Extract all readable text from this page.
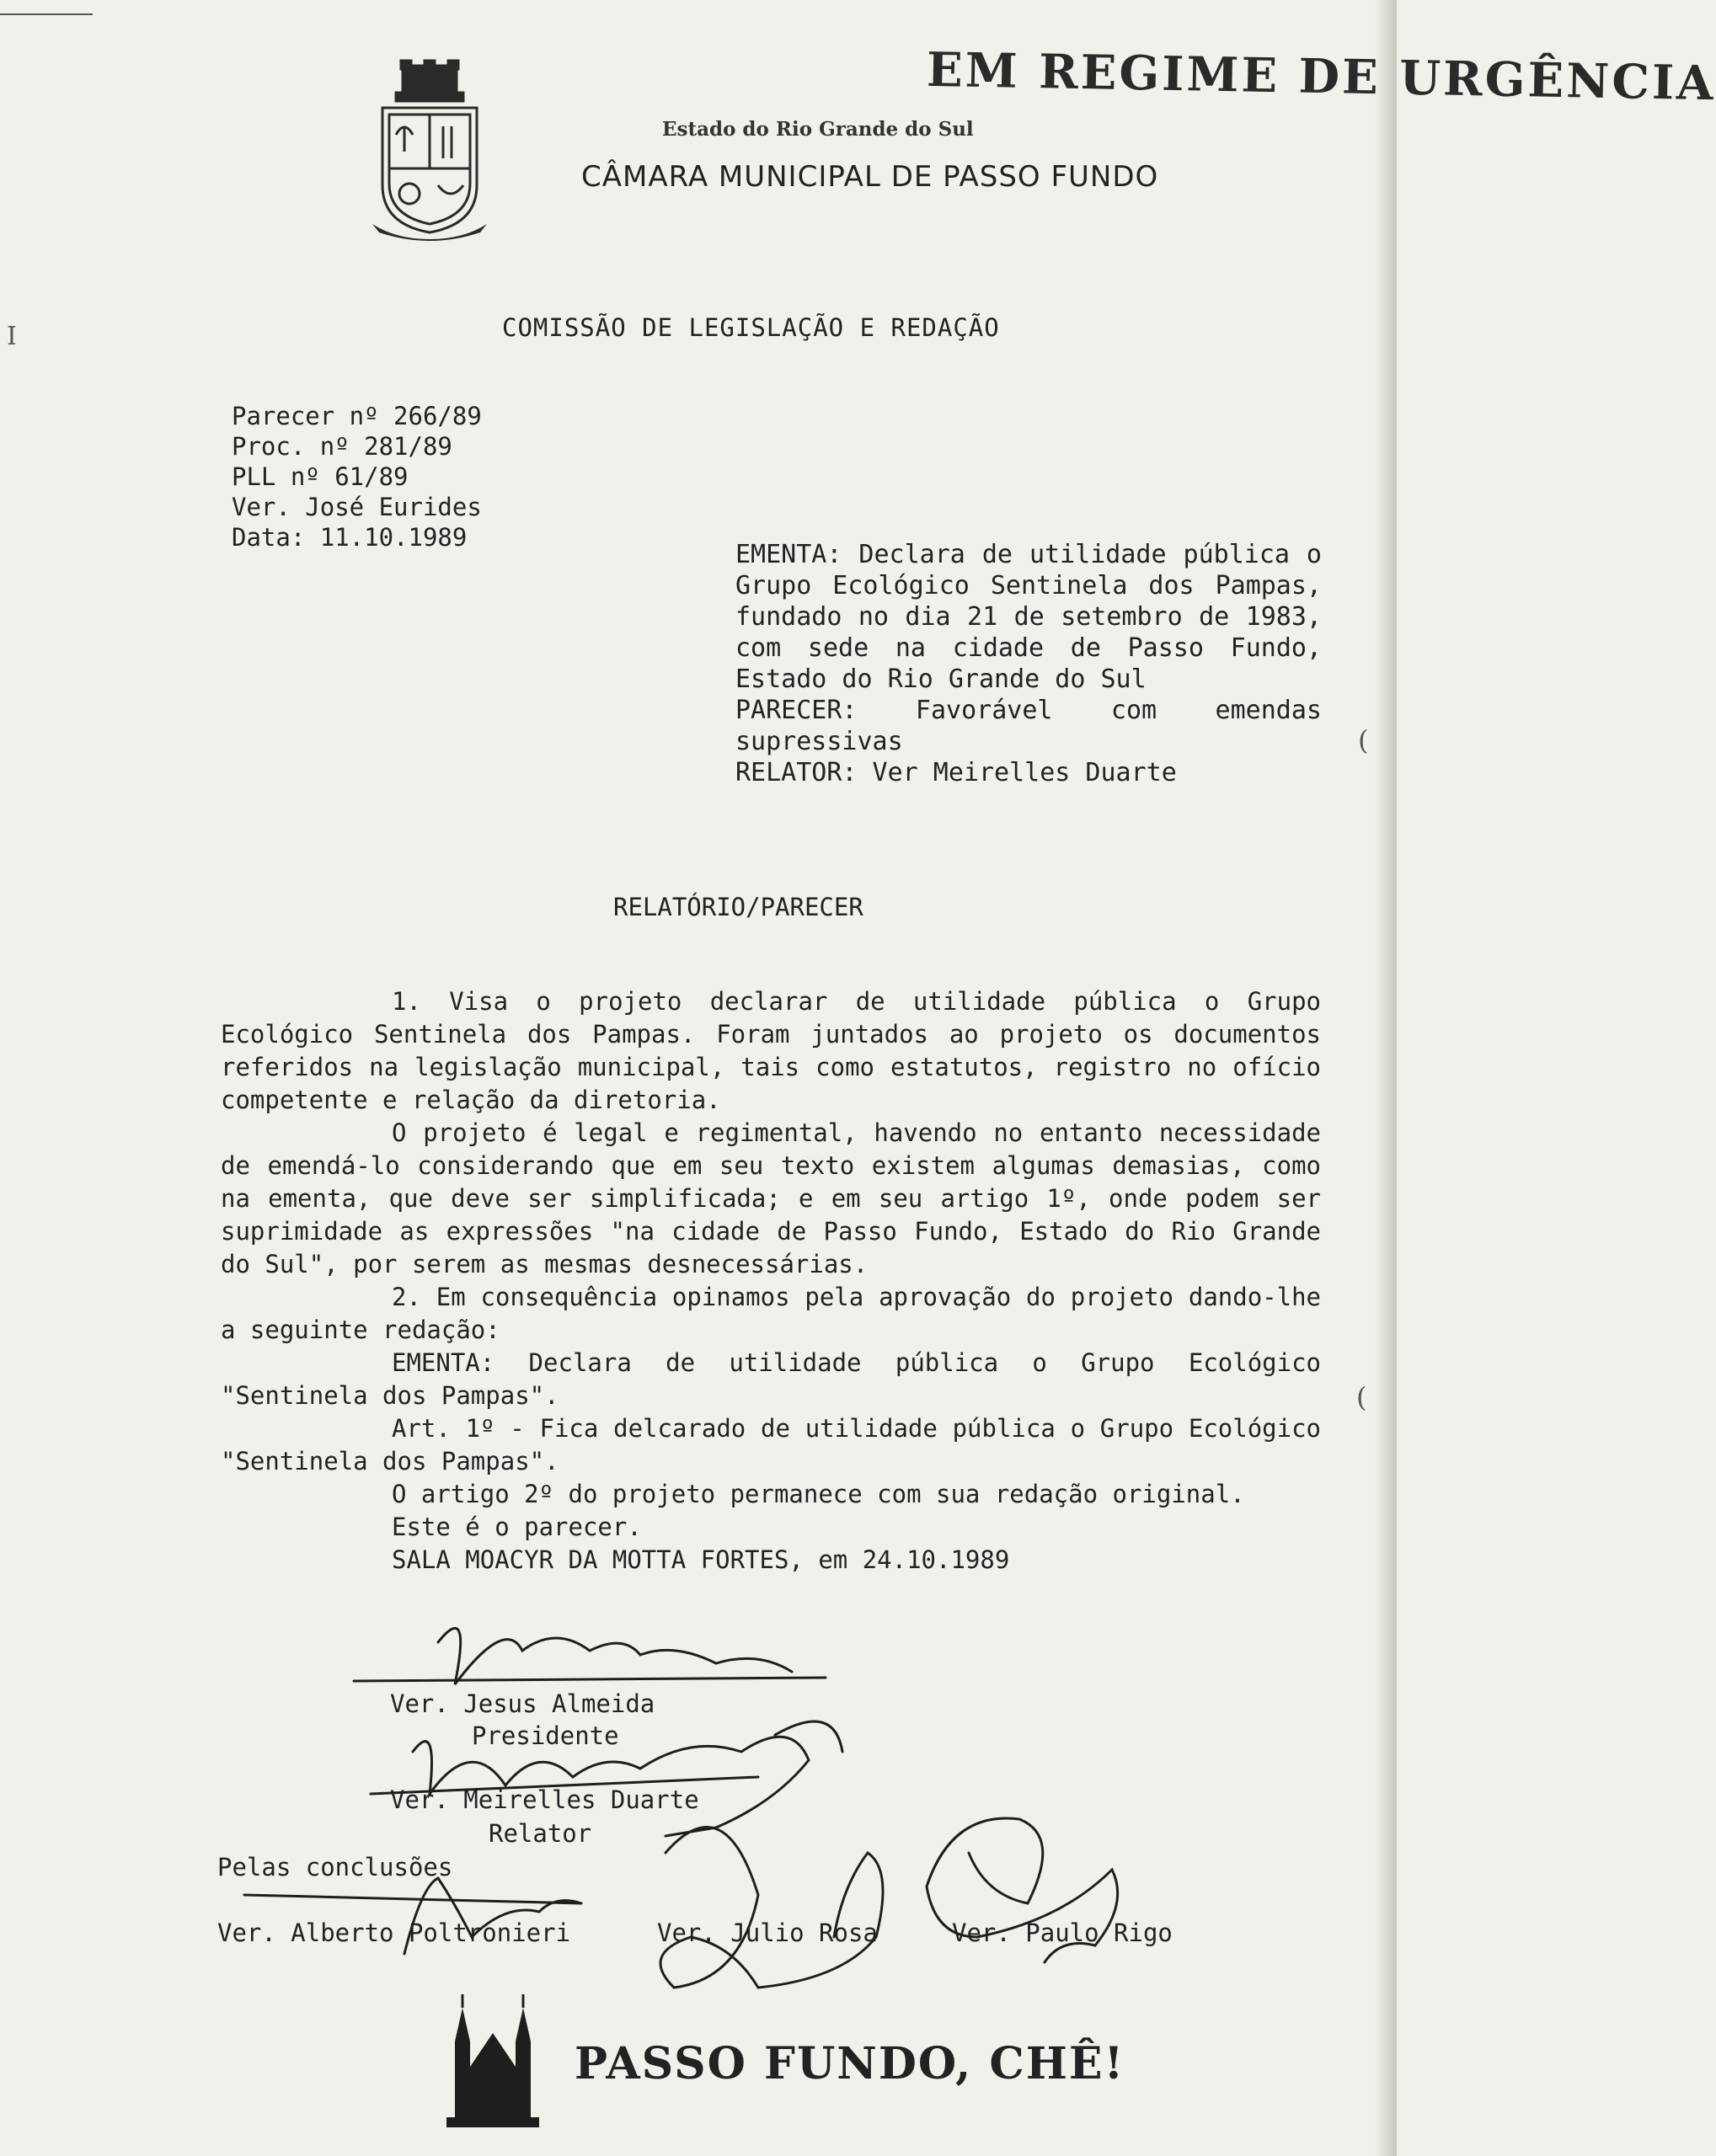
I
(
(
EM REGIME DE URGÊNCIA
Estado do Rio Grande do Sul
CÂMARA MUNICIPAL DE PASSO FUNDO
COMISSÃO DE LEGISLAÇÃO E REDAÇÃO
Parecer nº 266/89
Proc. nº 281/89
PLL nº 61/89
Ver. José Eurides
Data: 11.10.1989

EMENTA: Declara de utilidade pública o Grupo Ecológico Sentinela dos Pampas, fundado no dia 21 de setembro de 1983, com sede na cidade de Passo Fundo, Estado do Rio Grande do Sul

PARECER: Favorável com emendas supressivas

RELATOR: Ver Meirelles Duarte

RELATÓRIO/PARECER

1. Visa o projeto declarar de utilidade pública o Grupo Ecológico Sentinela dos Pampas. Foram juntados ao projeto os documentos referidos na legislação municipal, tais como estatutos, registro no ofício competente e relação da diretoria.

O projeto é legal e regimental, havendo no entanto necessidade de emendá-lo considerando que em seu texto existem algumas demasias, como na ementa, que deve ser simplificada; e em seu artigo 1º, onde podem ser suprimidade as expressões "na cidade de Passo Fundo, Estado do Rio Grande do Sul", por serem as mesmas desnecessárias.

2. Em consequência opinamos pela aprovação do projeto dando-lhe a seguinte redação:

EMENTA: Declara de utilidade pública o Grupo Ecológico "Sentinela dos Pampas".

Art. 1º - Fica delcarado de utilidade pública o Grupo Ecológico "Sentinela dos Pampas".

O artigo 2º do projeto permanece com sua redação original.

Este é o parecer.

SALA MOACYR DA MOTTA FORTES, em 24.10.1989

Ver. Jesus Almeida
Presidente
Ver. Meirelles Duarte
Relator
Pelas conclusões
Ver. Alberto Poltronieri	Ver. Julio Rosa	Ver. Paulo Rigo
PASSO FUNDO, CHÊ!
